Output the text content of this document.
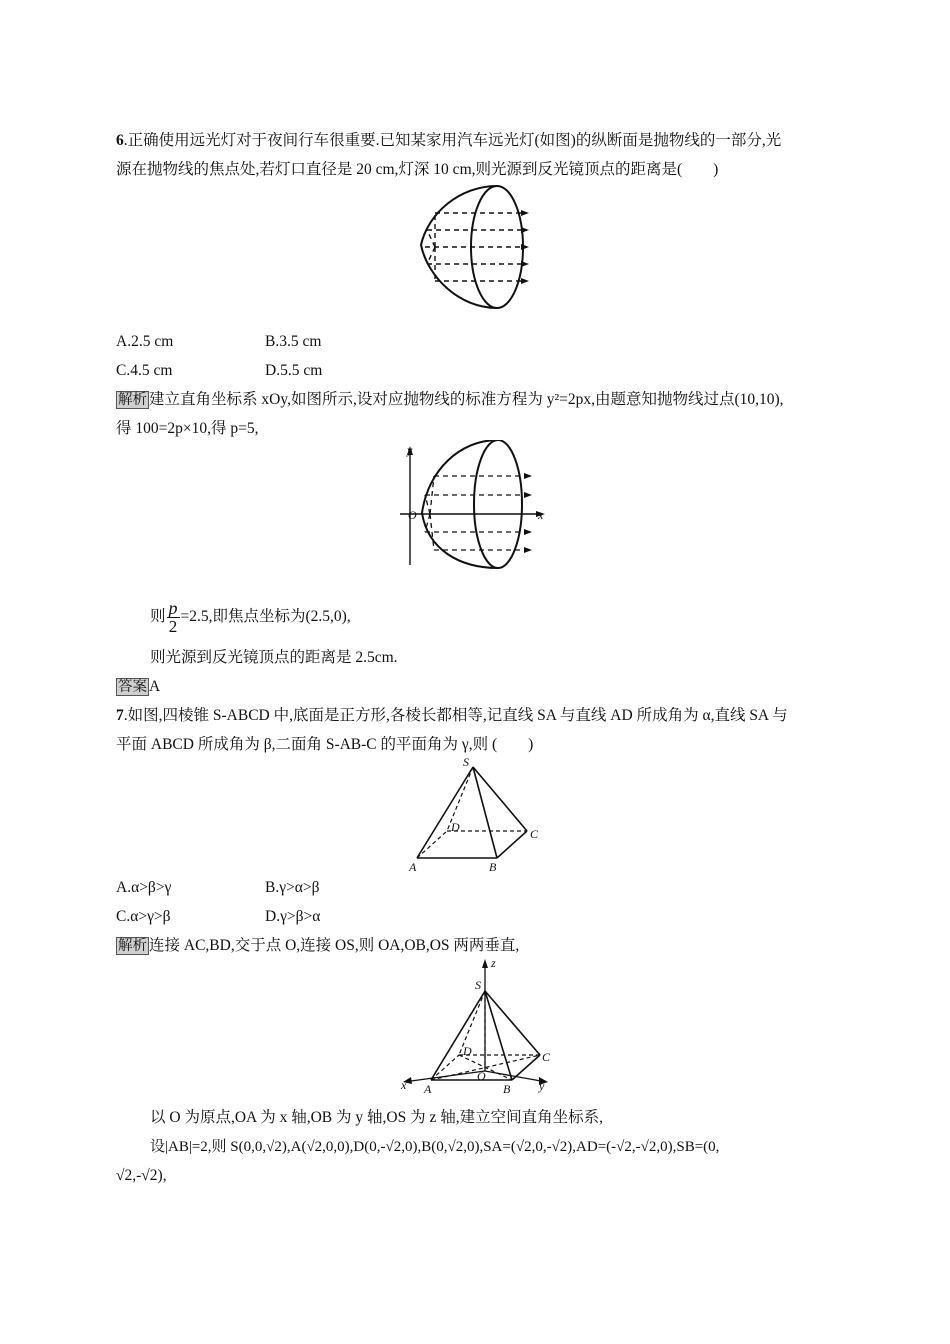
6.正确使用远光灯对于夜间行车很重要.已知某家用汽车远光灯(如图)的纵断面是抛物线的一部分,光
源在抛物线的焦点处,若灯口直径是 20 cm,灯深 10 cm,则光源到反光镜顶点的距离是(　　)
A.2.5 cm	B.3.5 cm
C.4.5 cm	D.5.5 cm
解析 建立直角坐标系 xOy,如图所示,设对应抛物线的标准方程为 y²=2px,由题意知抛物线过点(10,10),
得 100=2p×10,得 p=5,
y
x
O
则 $\frac{p}{2} =2.5$,即焦点坐标为(2.5,0),
则光源到反光镜顶点的距离是 2.5cm.
答案 A
7.如图,四棱锥 S-ABCD 中,底面是正方形,各棱长都相等,记直线 SA 与直线 AD 所成角为 α,直线 SA 与
平面 ABCD 所成角为 β,二面角 S-AB-C 的平面角为 γ,则 (　　)
S
A	B
C
D
A.α>β>γ	B.γ>α>β
C.α>γ>β	D.γ>β>α
解析 连接 AC,BD,交于点 O,连接 OS,则 OA,OB,OS 两两垂直,
z
x	y
S
A	B
C
D
O
以 O 为原点,OA 为 x 轴,OB 为 y 轴,OS 为 z 轴,建立空间直角坐标系,
设|AB|=2,则 S(0,0,√2),A(√2,0,0),D(0,-√2,0),B(0,√2,0),SA=(√2,0,-√2),AD=(-√2,-√2,0),SB=(0,
√2,-√2),
